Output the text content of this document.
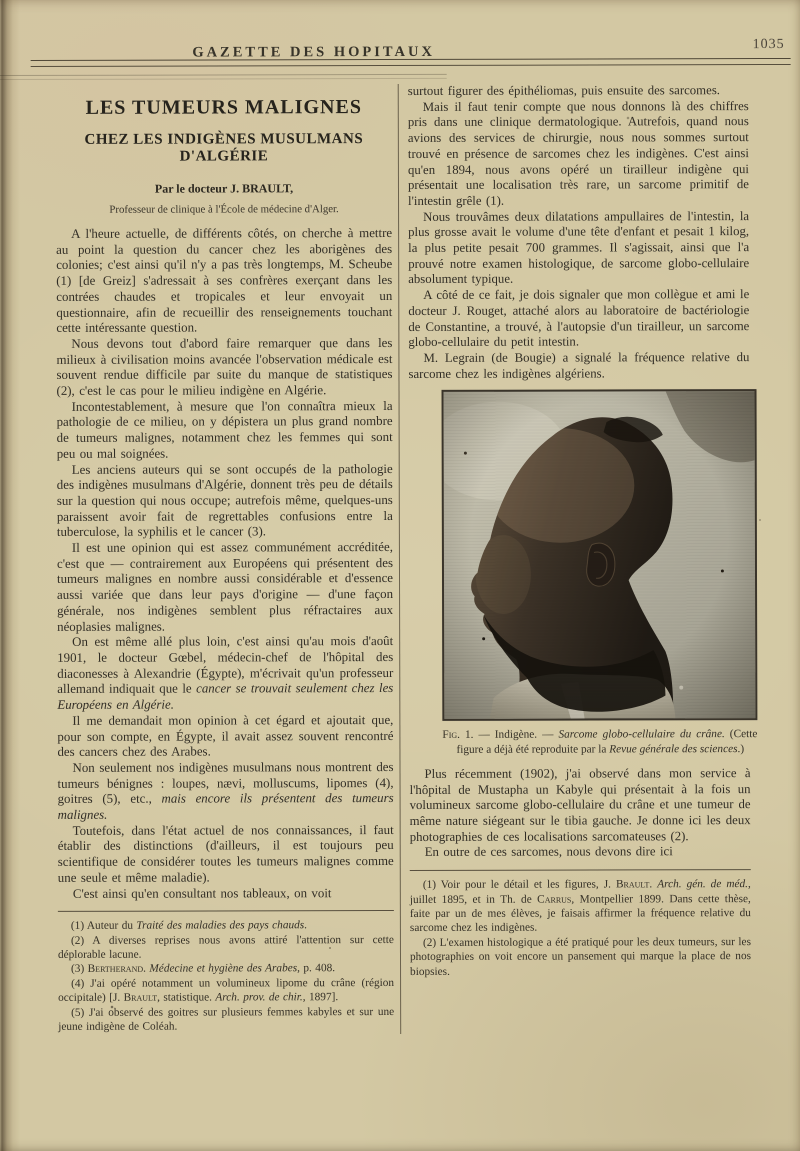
GAZETTE DES HOPITAUX	1035
LES TUMEURS MALIGNES
CHEZ LES INDIGÈNES MUSULMANS D'ALGÉRIE
Par le docteur J. BRAULT,
Professeur de clinique à l'École de médecine d'Alger.

A l'heure actuelle, de différents côtés, on cherche à mettre au point la question du cancer chez les aborigènes des colonies; c'est ainsi qu'il n'y a pas très longtemps, M. Scheube (1) [de Greiz] s'adressait à ses confrères exerçant dans les contrées chaudes et tropicales et leur envoyait un questionnaire, afin de recueillir des renseignements touchant cette intéressante question.

Nous devons tout d'abord faire remarquer que dans les milieux à civilisation moins avancée l'observation médicale est souvent rendue difficile par suite du manque de statistiques (2), c'est le cas pour le milieu indigène en Algérie.

Incontestablement, à mesure que l'on connaîtra mieux la pathologie de ce milieu, on y dépistera un plus grand nombre de tumeurs malignes, notamment chez les femmes qui sont peu ou mal soignées.

Les anciens auteurs qui se sont occupés de la pathologie des indigènes musulmans d'Algérie, donnent très peu de détails sur la question qui nous occupe; autrefois même, quelques-uns paraissent avoir fait de regrettables confusions entre la tuberculose, la syphilis et le cancer (3).

Il est une opinion qui est assez communément accréditée, c'est que — contrairement aux Européens qui présentent des tumeurs malignes en nombre aussi considérable et d'essence aussi variée que dans leur pays d'origine — d'une façon générale, nos indigènes semblent plus réfractaires aux néoplasies malignes.

On est même allé plus loin, c'est ainsi qu'au mois d'août 1901, le docteur Gœbel, médecin-chef de l'hôpital des diaconesses à Alexandrie (Égypte), m'écrivait qu'un professeur allemand indiquait que le cancer se trouvait seulement chez les Européens en Algérie.

Il me demandait mon opinion à cet égard et ajoutait que, pour son compte, en Égypte, il avait assez souvent rencontré des cancers chez des Arabes.

Non seulement nos indigènes musulmans nous montrent des tumeurs bénignes : loupes, nævi, molluscums, lipomes (4), goitres (5), etc., mais encore ils présentent des tumeurs malignes.

Toutefois, dans l'état actuel de nos connaissances, il faut établir des distinctions (d'ailleurs, il est toujours peu scientifique de considérer toutes les tumeurs malignes comme une seule et même maladie).

C'est ainsi qu'en consultant nos tableaux, on voit

(1) Auteur du Traité des maladies des pays chauds.

(2) A diverses reprises nous avons attiré l'attention sur cette déplorable lacune.

(3) Bertherand. Médecine et hygiène des Arabes, p. 408.

(4) J'ai opéré notamment un volumineux lipome du crâne (région occipitale) [J. Brault, statistique. Arch. prov. de chir., 1897].

(5) J'ai observé des goitres sur plusieurs femmes kabyles et sur une jeune indigène de Coléah.

surtout figurer des épithéliomas, puis ensuite des sarcomes.

Mais il faut tenir compte que nous donnons là des chiffres pris dans une clinique dermatologique. Autrefois, quand nous avions des services de chirurgie, nous nous sommes surtout trouvé en présence de sarcomes chez les indigènes. C'est ainsi qu'en 1894, nous avons opéré un tirailleur indigène qui présentait une localisation très rare, un sarcome primitif de l'intestin grêle (1).

Nous trouvâmes deux dilatations ampullaires de l'intestin, la plus grosse avait le volume d'une tête d'enfant et pesait 1 kilog, la plus petite pesait 700 grammes. Il s'agissait, ainsi que l'a prouvé notre examen histologique, de sarcome globo-cellulaire absolument typique.

A côté de ce fait, je dois signaler que mon collègue et ami le docteur J. Rouget, attaché alors au laboratoire de bactériologie de Constantine, a trouvé, à l'autopsie d'un tirailleur, un sarcome globo-cellulaire du petit intestin.

M. Legrain (de Bougie) a signalé la fréquence relative du sarcome chez les indigènes algériens.

Fig. 1. — Indigène. — Sarcome globo-cellulaire du crâne. (Cette figure a déjà été reproduite par la Revue générale des sciences.)

Plus récemment (1902), j'ai observé dans mon service à l'hôpital de Mustapha un Kabyle qui présentait à la fois un volumineux sarcome globo-cellulaire du crâne et une tumeur de même nature siégeant sur le tibia gauche. Je donne ici les deux photographies de ces localisations sarcomateuses (2).

En outre de ces sarcomes, nous devons dire ici

(1) Voir pour le détail et les figures, J. Brault. Arch. gén. de méd., juillet 1895, et in Th. de Carrus, Montpellier 1899. Dans cette thèse, faite par un de mes élèves, je faisais affirmer la fréquence relative du sarcome chez les indigènes.

(2) L'examen histologique a été pratiqué pour les deux tumeurs, sur les photographies on voit encore un pansement qui marque la place de nos biopsies.
